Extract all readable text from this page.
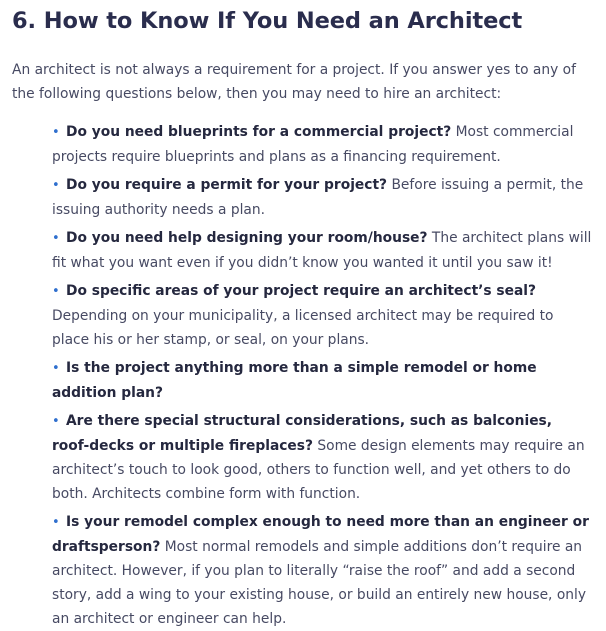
6. How to Know If You Need an Architect

An architect is not always a requirement for a project. If you answer yes to any of the following questions below, then you may need to hire an architect:

• Do you need blueprints for a commercial project? Most commercial projects require blueprints and plans as a financing requirement.
• Do you require a permit for your project? Before issuing a permit, the issuing authority needs a plan.
• Do you need help designing your room/house? The architect plans will fit what you want even if you didn’t know you wanted it until you saw it!
• Do specific areas of your project require an architect’s seal? Depending on your municipality, a licensed architect may be required to place his or her stamp, or seal, on your plans.
• Is the project anything more than a simple remodel or home addition plan?
• Are there special structural considerations, such as balconies, roof-decks or multiple fireplaces? Some design elements may require an architect’s touch to look good, others to function well, and yet others to do both. Architects combine form with function.
• Is your remodel complex enough to need more than an engineer or draftsperson? Most normal remodels and simple additions don’t require an architect. However, if you plan to literally “raise the roof” and add a second story, add a wing to your existing house, or build an entirely new house, only an architect or engineer can help.
